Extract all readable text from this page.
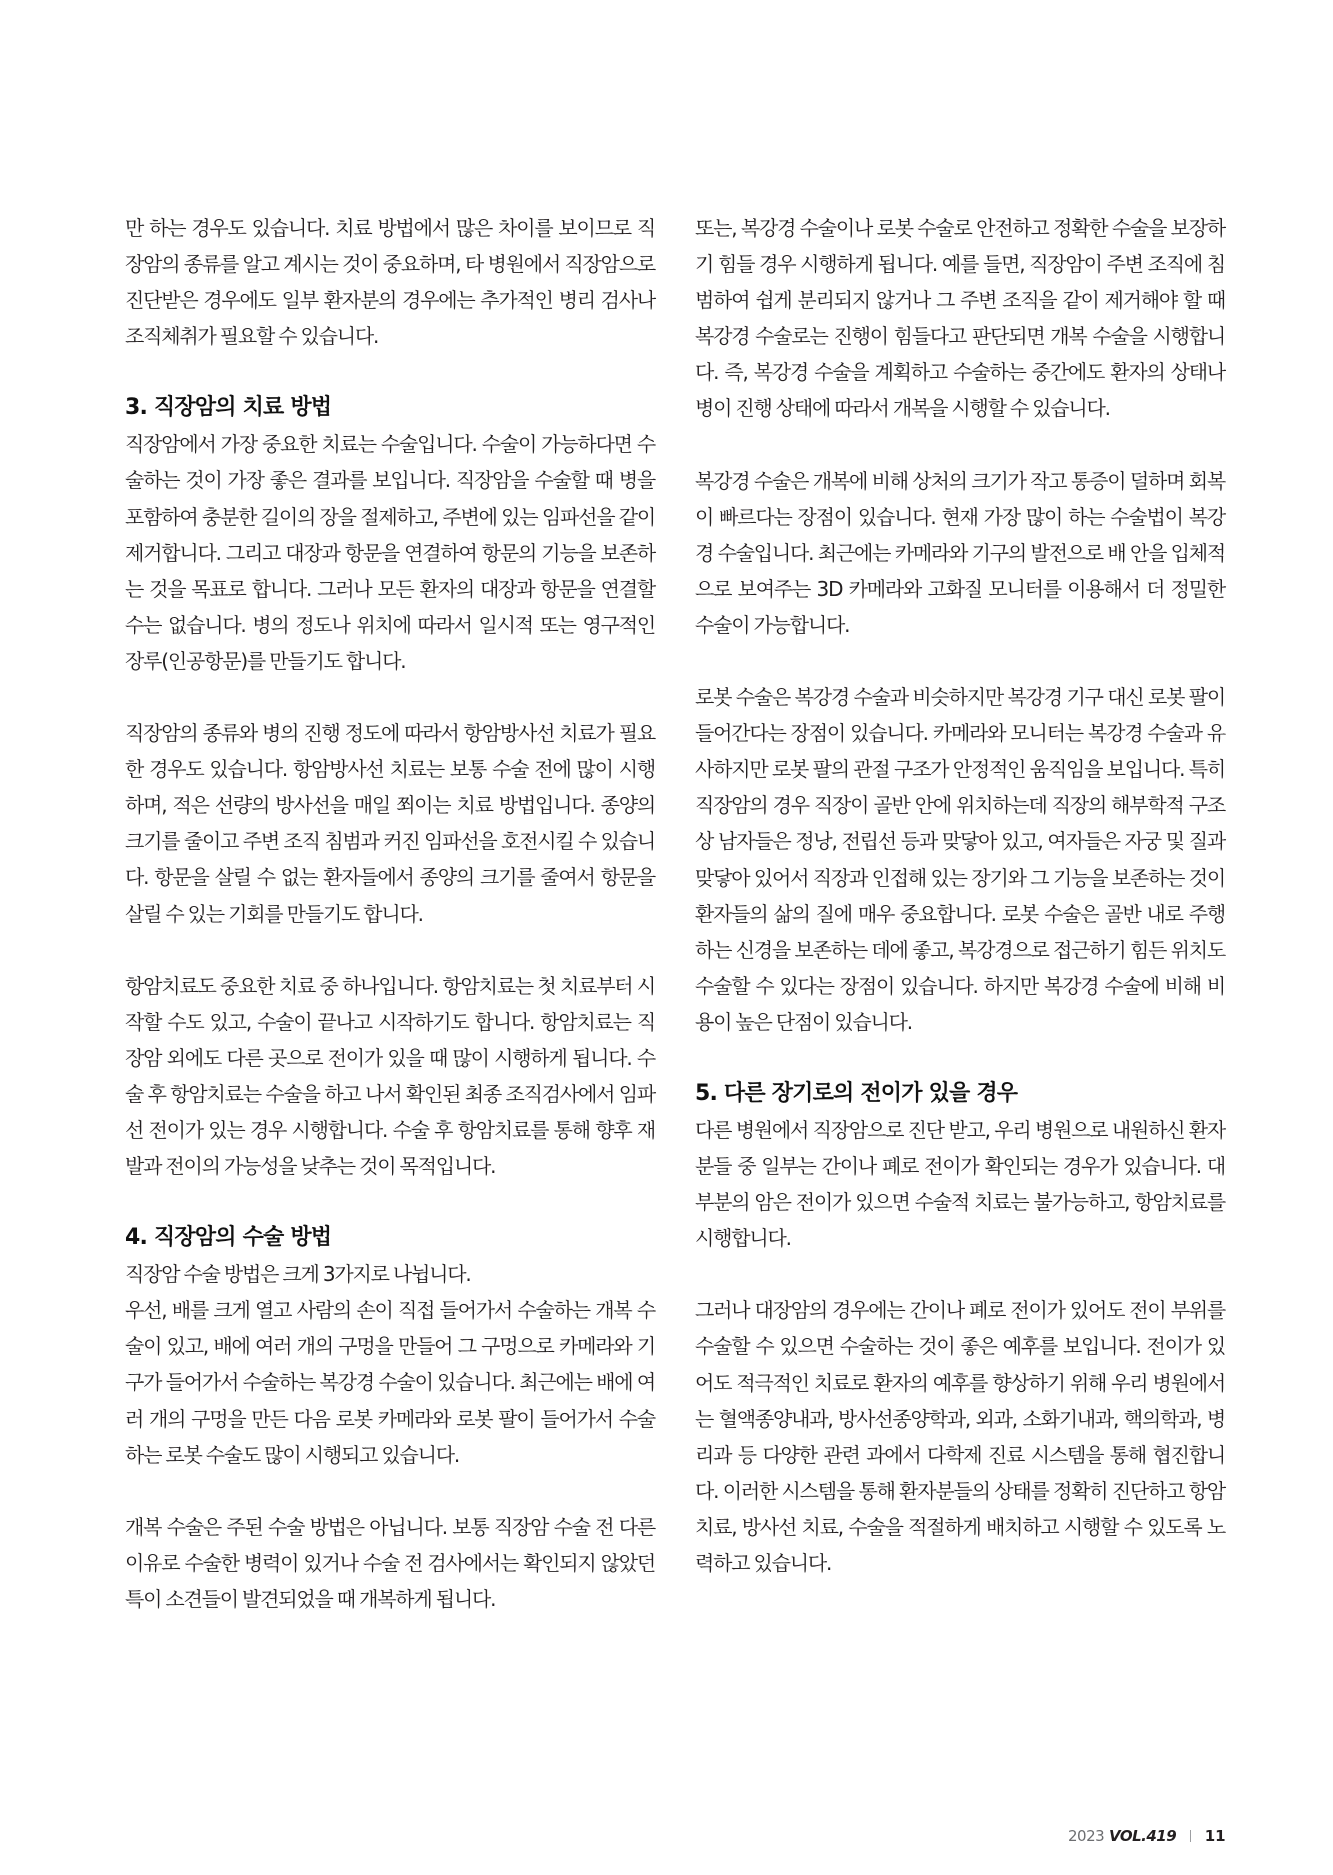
만 하는 경우도 있습니다. 치료 방법에서 많은 차이를 보이므로 직장암의 종류를 알고 계시는 것이 중요하며, 타 병원에서 직장암으로 진단받은 경우에도 일부 환자분의 경우에는 추가적인 병리 검사나 조직체취가 필요할 수 있습니다.

3. 직장암의 치료 방법

직장암에서 가장 중요한 치료는 수술입니다. 수술이 가능하다면 수술하는 것이 가장 좋은 결과를 보입니다. 직장암을 수술할 때 병을 포함하여 충분한 길이의 장을 절제하고, 주변에 있는 임파선을 같이 제거합니다. 그리고 대장과 항문을 연결하여 항문의 기능을 보존하는 것을 목표로 합니다. 그러나 모든 환자의 대장과 항문을 연결할 수는 없습니다. 병의 정도나 위치에 따라서 일시적 또는 영구적인 장루(인공항문)를 만들기도 합니다.

직장암의 종류와 병의 진행 정도에 따라서 항암방사선 치료가 필요한 경우도 있습니다. 항암방사선 치료는 보통 수술 전에 많이 시행하며, 적은 선량의 방사선을 매일 쬐이는 치료 방법입니다. 종양의 크기를 줄이고 주변 조직 침범과 커진 임파선을 호전시킬 수 있습니다. 항문을 살릴 수 없는 환자들에서 종양의 크기를 줄여서 항문을 살릴 수 있는 기회를 만들기도 합니다.

항암치료도 중요한 치료 중 하나입니다. 항암치료는 첫 치료부터 시작할 수도 있고, 수술이 끝나고 시작하기도 합니다. 항암치료는 직장암 외에도 다른 곳으로 전이가 있을 때 많이 시행하게 됩니다. 수술 후 항암치료는 수술을 하고 나서 확인된 최종 조직검사에서 임파선 전이가 있는 경우 시행합니다. 수술 후 항암치료를 통해 향후 재발과 전이의 가능성을 낮추는 것이 목적입니다.

4. 직장암의 수술 방법

직장암 수술 방법은 크게 3가지로 나뉩니다.

우선, 배를 크게 열고 사람의 손이 직접 들어가서 수술하는 개복 수술이 있고, 배에 여러 개의 구멍을 만들어 그 구멍으로 카메라와 기구가 들어가서 수술하는 복강경 수술이 있습니다. 최근에는 배에 여러 개의 구멍을 만든 다음 로봇 카메라와 로봇 팔이 들어가서 수술하는 로봇 수술도 많이 시행되고 있습니다.

개복 수술은 주된 수술 방법은 아닙니다. 보통 직장암 수술 전 다른 이유로 수술한 병력이 있거나 수술 전 검사에서는 확인되지 않았던 특이 소견들이 발견되었을 때 개복하게 됩니다.

또는, 복강경 수술이나 로봇 수술로 안전하고 정확한 수술을 보장하기 힘들 경우 시행하게 됩니다. 예를 들면, 직장암이 주변 조직에 침범하여 쉽게 분리되지 않거나 그 주변 조직을 같이 제거해야 할 때 복강경 수술로는 진행이 힘들다고 판단되면 개복 수술을 시행합니다. 즉, 복강경 수술을 계획하고 수술하는 중간에도 환자의 상태나 병이 진행 상태에 따라서 개복을 시행할 수 있습니다.

복강경 수술은 개복에 비해 상처의 크기가 작고 통증이 덜하며 회복이 빠르다는 장점이 있습니다. 현재 가장 많이 하는 수술법이 복강경 수술입니다. 최근에는 카메라와 기구의 발전으로 배 안을 입체적으로 보여주는 3D 카메라와 고화질 모니터를 이용해서 더 정밀한 수술이 가능합니다.

로봇 수술은 복강경 수술과 비슷하지만 복강경 기구 대신 로봇 팔이 들어간다는 장점이 있습니다. 카메라와 모니터는 복강경 수술과 유사하지만 로봇 팔의 관절 구조가 안정적인 움직임을 보입니다. 특히 직장암의 경우 직장이 골반 안에 위치하는데 직장의 해부학적 구조상 남자들은 정낭, 전립선 등과 맞닿아 있고, 여자들은 자궁 및 질과 맞닿아 있어서 직장과 인접해 있는 장기와 그 기능을 보존하는 것이 환자들의 삶의 질에 매우 중요합니다. 로봇 수술은 골반 내로 주행하는 신경을 보존하는 데에 좋고, 복강경으로 접근하기 힘든 위치도 수술할 수 있다는 장점이 있습니다. 하지만 복강경 수술에 비해 비용이 높은 단점이 있습니다.

5. 다른 장기로의 전이가 있을 경우

다른 병원에서 직장암으로 진단 받고, 우리 병원으로 내원하신 환자분들 중 일부는 간이나 폐로 전이가 확인되는 경우가 있습니다. 대부분의 암은 전이가 있으면 수술적 치료는 불가능하고, 항암치료를 시행합니다.

그러나 대장암의 경우에는 간이나 폐로 전이가 있어도 전이 부위를 수술할 수 있으면 수술하는 것이 좋은 예후를 보입니다. 전이가 있어도 적극적인 치료로 환자의 예후를 향상하기 위해 우리 병원에서는 혈액종양내과, 방사선종양학과, 외과, 소화기내과, 핵의학과, 병리과 등 다양한 관련 과에서 다학제 진료 시스템을 통해 협진합니다. 이러한 시스템을 통해 환자분들의 상태를 정확히 진단하고 항암치료, 방사선 치료, 수술을 적절하게 배치하고 시행할 수 있도록 노력하고 있습니다.

2023 VOL.419 11
